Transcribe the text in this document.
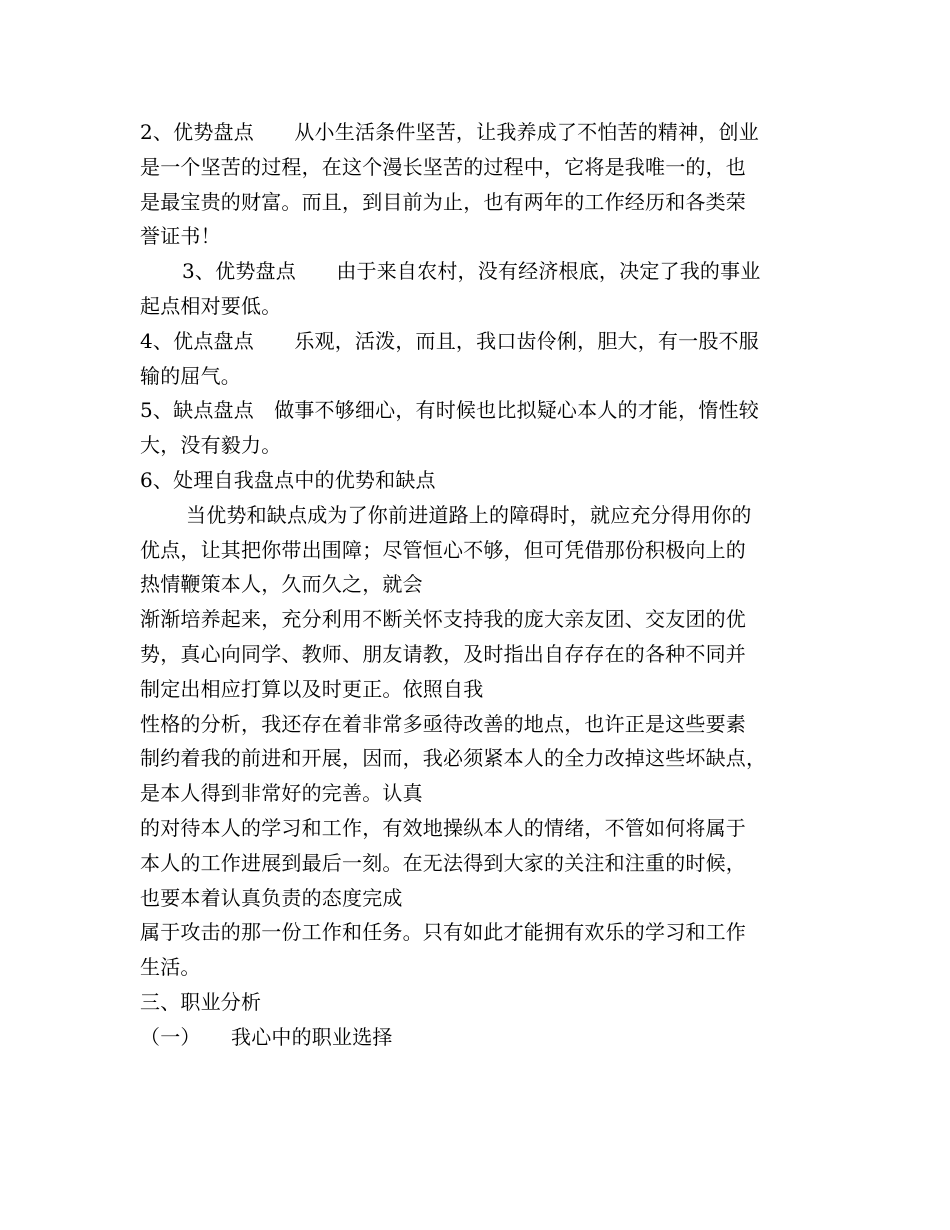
2、优势盘点　　从小生活条件坚苦，让我养成了不怕苦的精神，创业
是一个坚苦的过程，在这个漫长坚苦的过程中，它将是我唯一的，也
是最宝贵的财富。而且，到目前为止，也有两年的工作经历和各类荣
誉证书！
3、优势盘点　　由于来自农村，没有经济根底，决定了我的事业
起点相对要低。
4、优点盘点　　乐观，活泼，而且，我口齿伶俐，胆大，有一股不服
输的屈气。
5、缺点盘点　做事不够细心，有时候也比拟疑心本人的才能，惰性较
大，没有毅力。
6、处理自我盘点中的优势和缺点
当优势和缺点成为了你前进道路上的障碍时，就应充分得用你的
优点，让其把你带出围障；尽管恒心不够，但可凭借那份积极向上的
热情鞭策本人，久而久之，就会
渐渐培养起来，充分利用不断关怀支持我的庞大亲友团、交友团的优
势，真心向同学、教师、朋友请教，及时指出自存存在的各种不同并
制定出相应打算以及时更正。依照自我
性格的分析，我还存在着非常多亟待改善的地点，也许正是这些要素
制约着我的前进和开展，因而，我必须紧本人的全力改掉这些坏缺点，
是本人得到非常好的完善。认真
的对待本人的学习和工作，有效地操纵本人的情绪，不管如何将属于
本人的工作进展到最后一刻。在无法得到大家的关注和注重的时候，
也要本着认真负责的态度完成
属于攻击的那一份工作和任务。只有如此才能拥有欢乐的学习和工作
生活。
三、职业分析
（一）　　我心中的职业选择
